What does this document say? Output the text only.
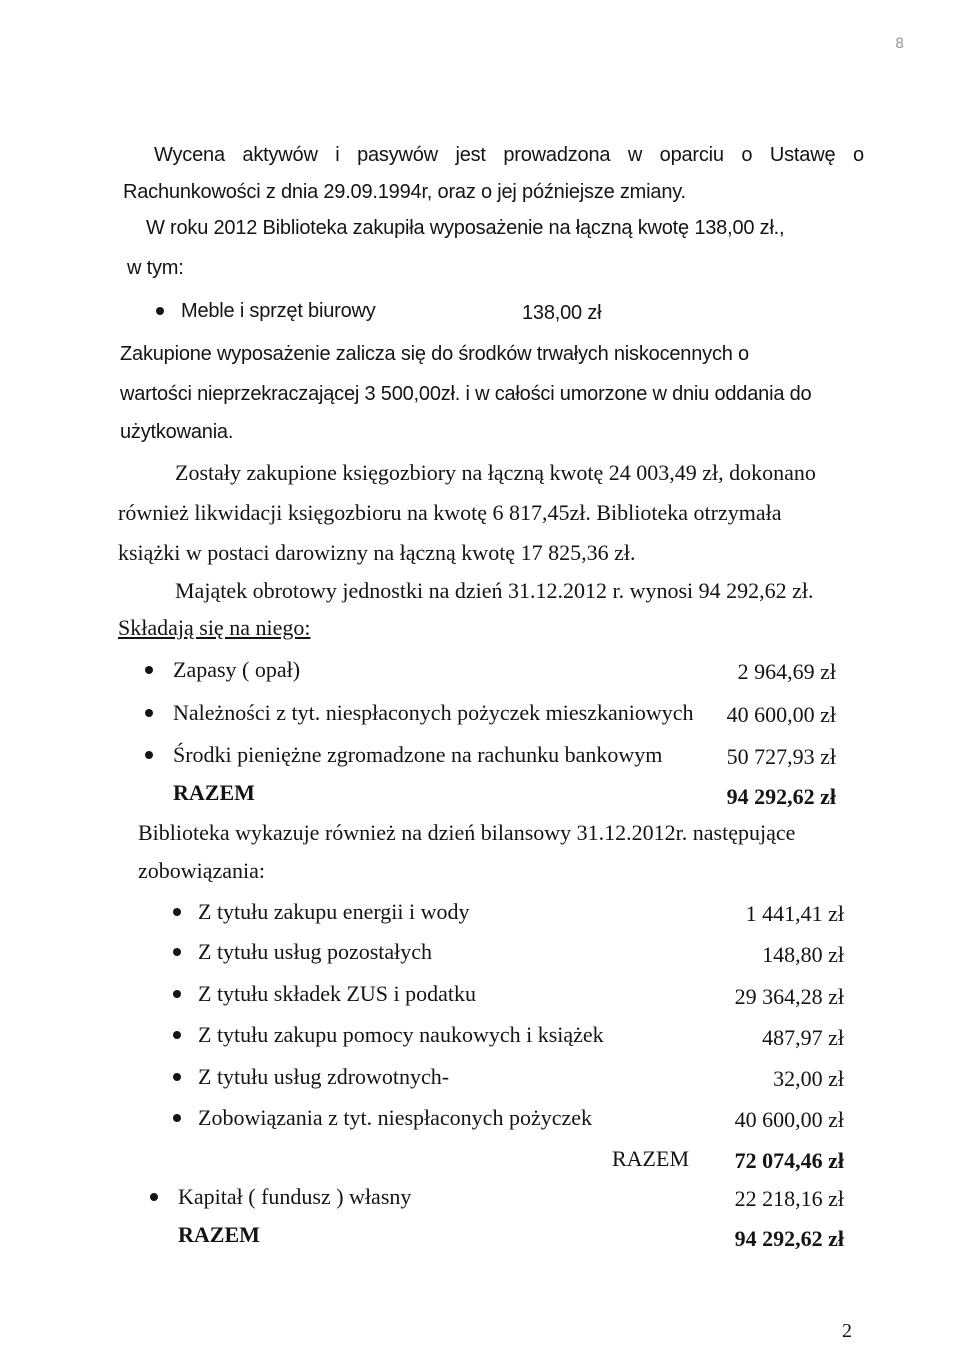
8
Wycena aktywów i pasywów jest prowadzona w oparciu o Ustawę o
Rachunkowości z dnia 29.09.1994r, oraz o jej późniejsze zmiany.
W roku 2012 Biblioteka zakupiła wyposażenie na łączną kwotę 138,00 zł.,
w tym:
Meble i sprzęt biurowy	138,00 zł
Zakupione wyposażenie zalicza się do środków trwałych niskocennych o
wartości nieprzekraczającej 3 500,00zł. i w całości umorzone w dniu oddania do
użytkowania.
Zostały zakupione księgozbiory na łączną kwotę 24 003,49 zł, dokonano
również likwidacji księgozbioru na kwotę 6 817,45zł. Biblioteka otrzymała
książki w postaci darowizny na łączną kwotę 17 825,36 zł.
Majątek obrotowy jednostki na dzień 31.12.2012 r. wynosi 94 292,62 zł.
Składają się na niego:
Zapasy ( opał)	2 964,69 zł
Należności z tyt. niespłaconych pożyczek mieszkaniowych 40 600,00 zł
Środki pieniężne zgromadzone na rachunku bankowym	50 727,93 zł
RAZEM	94 292,62 zł
Biblioteka wykazuje również na dzień bilansowy 31.12.2012r. następujące
zobowiązania:
Z tytułu zakupu energii i wody	1 441,41 zł
Z tytułu usług pozostałych	148,80 zł
Z tytułu składek ZUS i podatku	29 364,28 zł
Z tytułu zakupu pomocy naukowych i książek	487,97 zł
Z tytułu usług zdrowotnych-	32,00 zł
Zobowiązania z tyt. niespłaconych pożyczek	40 600,00 zł
RAZEM 72 074,46 zł
Kapitał ( fundusz ) własny	22 218,16 zł
RAZEM	94 292,62 zł
2
